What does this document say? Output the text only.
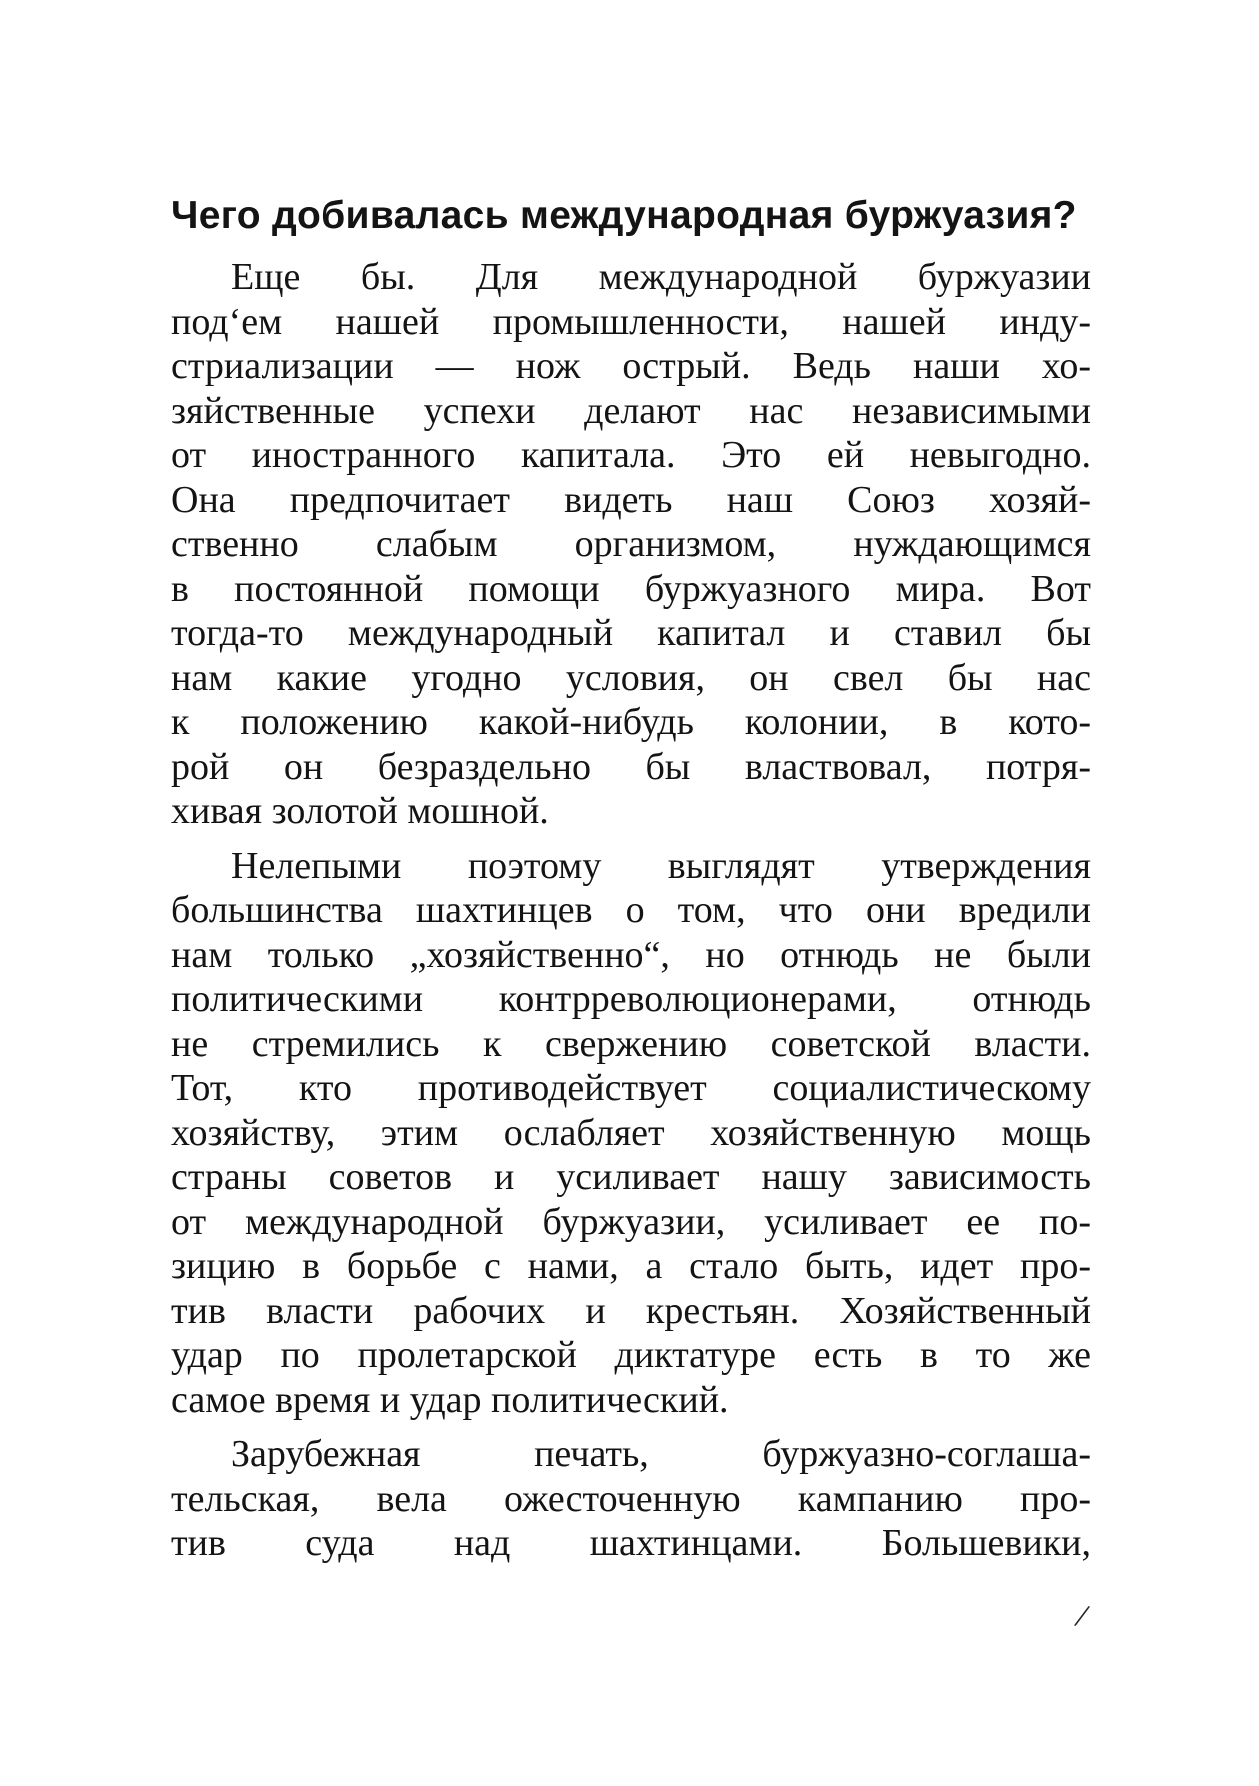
Чего добивалась международная буржуазия?

Еще бы. Для международной буржуазии
под‘ем нашей промышленности, нашей инду-
стриализации — нож острый. Ведь наши хо-
зяйственные успехи делают нас независимыми
от иностранного капитала. Это ей невыгодно.
Она предпочитает видеть наш Союз хозяй-
ственно слабым организмом, нуждающимся
в постоянной помощи буржуазного мира. Вот
тогда-то международный капитал и ставил бы
нам какие угодно условия, он свел бы нас
к положению какой-нибудь колонии, в кото-
рой он безраздельно бы властвовал, потря-
хивая золотой мошной.

Нелепыми поэтому выглядят утверждения
большинства шахтинцев о том, что они вредили
нам только „хозяйственно“, но отнюдь не были
политическими контрреволюционерами, отнюдь
не стремились к свержению советской власти.
Тот, кто противодействует социалистическому
хозяйству, этим ослабляет хозяйственную мощь
страны советов и усиливает нашу зависимость
от международной буржуазии, усиливает ее по-
зицию в борьбе с нами, а стало быть, идет про-
тив власти рабочих и крестьян. Хозяйственный
удар по пролетарской диктатуре есть в то же
самое время и удар политический.

Зарубежная печать, буржуазно-соглаша-
тельская, вела ожесточенную кампанию про-
тив суда над шахтинцами. Большевики,

/
